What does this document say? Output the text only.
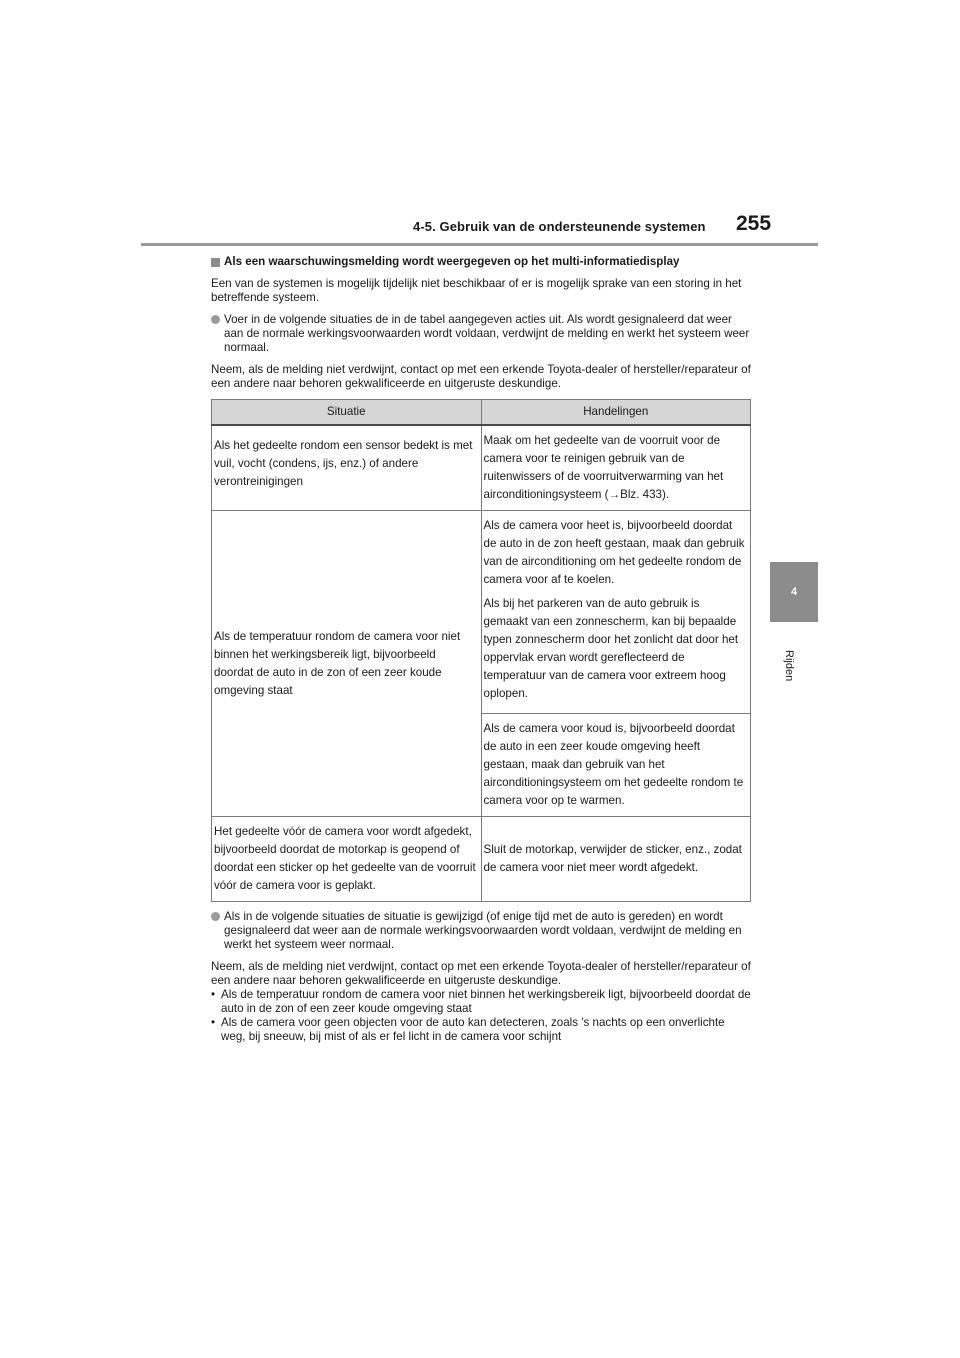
4-5. Gebruik van de ondersteunende systemen 255
4
Rijden
Als een waarschuwingsmelding wordt weergegeven op het multi-informatiedisplay

Een van de systemen is mogelijk tijdelijk niet beschikbaar of er is mogelijk sprake van een storing in het betreffende systeem.

Voer in de volgende situaties de in de tabel aangegeven acties uit. Als wordt gesignaleerd dat weer aan de normale werkingsvoorwaarden wordt voldaan, verdwijnt de melding en werkt het systeem weer normaal.

Neem, als de melding niet verdwijnt, contact op met een erkende Toyota-dealer of hersteller/reparateur of een andere naar behoren gekwalificeerde en uitgeruste deskundige.

Situatie	Handelingen
Als het gedeelte rondom een sensor bedekt is met vuil, vocht (condens, ijs, enz.) of andere verontreinigingen	Maak om het gedeelte van de voorruit voor de camera voor te reinigen gebruik van de ruitenwissers of de voorruitverwarming van het airconditioningsysteem (→Blz. 433).
Als de temperatuur rondom de camera voor niet binnen het werkingsbereik ligt, bijvoorbeeld doordat de auto in de zon of een zeer koude omgeving staat	Als de camera voor heet is, bijvoorbeeld doordat de auto in de zon heeft gestaan, maak dan gebruik van de airconditioning om het gedeelte rondom de camera voor af te koelen.
Als bij het parkeren van de auto gebruik is gemaakt van een zonnescherm, kan bij bepaalde typen zonnescherm door het zonlicht dat door het oppervlak ervan wordt gereflecteerd de temperatuur van de camera voor extreem hoog oplopen.
Als de camera voor koud is, bijvoorbeeld doordat de auto in een zeer koude omgeving heeft gestaan, maak dan gebruik van het airconditioningsysteem om het gedeelte rondom te camera voor op te warmen.

Het gedeelte vóór de camera voor wordt afgedekt, bijvoorbeeld doordat de motorkap is geopend of doordat een sticker op het gedeelte van de voorruit vóór de camera voor is geplakt.	Sluit de motorkap, verwijder de sticker, enz., zodat de camera voor niet meer wordt afgedekt.
Als in de volgende situaties de situatie is gewijzigd (of enige tijd met de auto is gereden) en wordt gesignaleerd dat weer aan de normale werkingsvoorwaarden wordt voldaan, verdwijnt de melding en werkt het systeem weer normaal.

Neem, als de melding niet verdwijnt, contact op met een erkende Toyota-dealer of hersteller/reparateur of een andere naar behoren gekwalificeerde en uitgeruste deskundige.

• Als de temperatuur rondom de camera voor niet binnen het werkingsbereik ligt, bijvoorbeeld doordat de auto in de zon of een zeer koude omgeving staat
• Als de camera voor geen objecten voor de auto kan detecteren, zoals 's nachts op een onverlichte weg, bij sneeuw, bij mist of als er fel licht in de camera voor schijnt
